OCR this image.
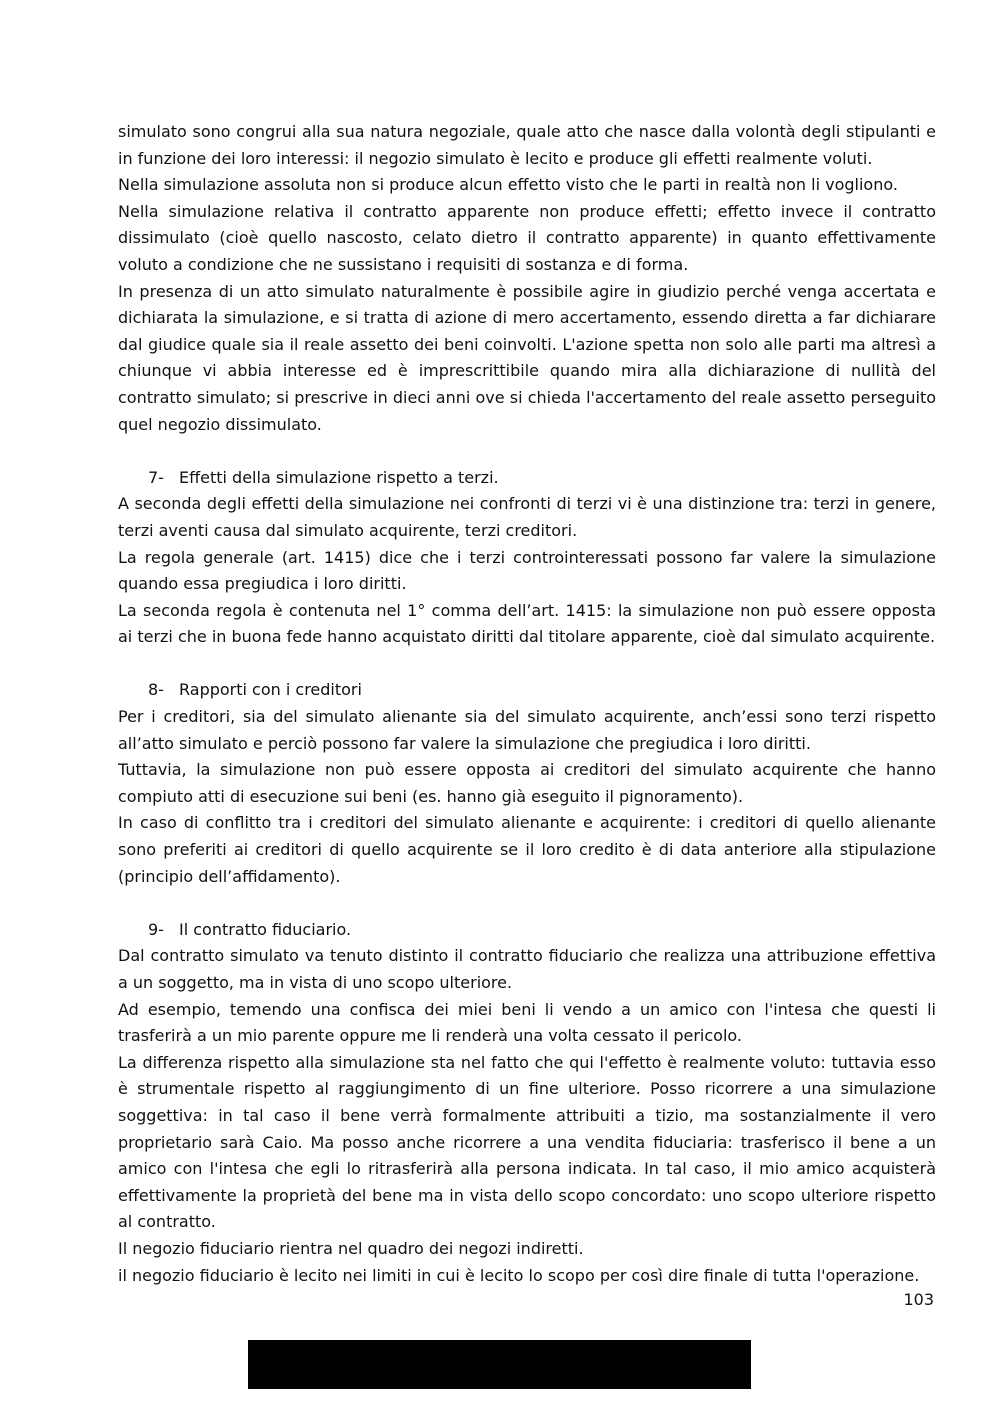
simulato sono congrui alla sua natura negoziale, quale atto che nasce dalla volontà degli stipulanti e in funzione dei loro interessi: il negozio simulato è lecito e produce gli effetti realmente voluti.

Nella simulazione assoluta non si produce alcun effetto visto che le parti in realtà non li vogliono.

Nella simulazione relativa il contratto apparente non produce effetti; effetto invece il contratto dissimulato (cioè quello nascosto, celato dietro il contratto apparente) in quanto effettivamente voluto a condizione che ne sussistano i requisiti di sostanza e di forma.

In presenza di un atto simulato naturalmente è possibile agire in giudizio perché venga accertata e dichiarata la simulazione, e si tratta di azione di mero accertamento, essendo diretta a far dichiarare dal giudice quale sia il reale assetto dei beni coinvolti. L'azione spetta non solo alle parti ma altresì a chiunque vi abbia interesse ed è imprescrittibile quando mira alla dichiarazione di nullità del contratto simulato; si prescrive in dieci anni ove si chieda l'accertamento del reale assetto perseguito quel negozio dissimulato.

7- Effetti della simulazione rispetto a terzi.

A seconda degli effetti della simulazione nei confronti di terzi vi è una distinzione tra: terzi in genere, terzi aventi causa dal simulato acquirente, terzi creditori.

La regola generale (art. 1415) dice che i terzi controinteressati possono far valere la simulazione quando essa pregiudica i loro diritti.

La seconda regola è contenuta nel 1° comma dell’art. 1415: la simulazione non può essere opposta ai terzi che in buona fede hanno acquistato diritti dal titolare apparente, cioè dal simulato acquirente.

8- Rapporti con i creditori

Per i creditori, sia del simulato alienante sia del simulato acquirente, anch’essi sono terzi rispetto all’atto simulato e perciò possono far valere la simulazione che pregiudica i loro diritti.

Tuttavia, la simulazione non può essere opposta ai creditori del simulato acquirente che hanno compiuto atti di esecuzione sui beni (es. hanno già eseguito il pignoramento).

In caso di conflitto tra i creditori del simulato alienante e acquirente: i creditori di quello alienante sono preferiti ai creditori di quello acquirente se il loro credito è di data anteriore alla stipulazione (principio dell’affidamento).

9- Il contratto fiduciario.

Dal contratto simulato va tenuto distinto il contratto fiduciario che realizza una attribuzione effettiva a un soggetto, ma in vista di uno scopo ulteriore.

Ad esempio, temendo una confisca dei miei beni li vendo a un amico con l'intesa che questi li trasferirà a un mio parente oppure me li renderà una volta cessato il pericolo.

La differenza rispetto alla simulazione sta nel fatto che qui l'effetto è realmente voluto: tuttavia esso è strumentale rispetto al raggiungimento di un fine ulteriore. Posso ricorrere a una simulazione soggettiva: in tal caso il bene verrà formalmente attribuiti a tizio, ma sostanzialmente il vero proprietario sarà Caio. Ma posso anche ricorrere a una vendita fiduciaria: trasferisco il bene a un amico con l'intesa che egli lo ritrasferirà alla persona indicata. In tal caso, il mio amico acquisterà effettivamente la proprietà del bene ma in vista dello scopo concordato: uno scopo ulteriore rispetto al contratto.

Il negozio fiduciario rientra nel quadro dei negozi indiretti.

il negozio fiduciario è lecito nei limiti in cui è lecito lo scopo per così dire finale di tutta l'operazione.

103
